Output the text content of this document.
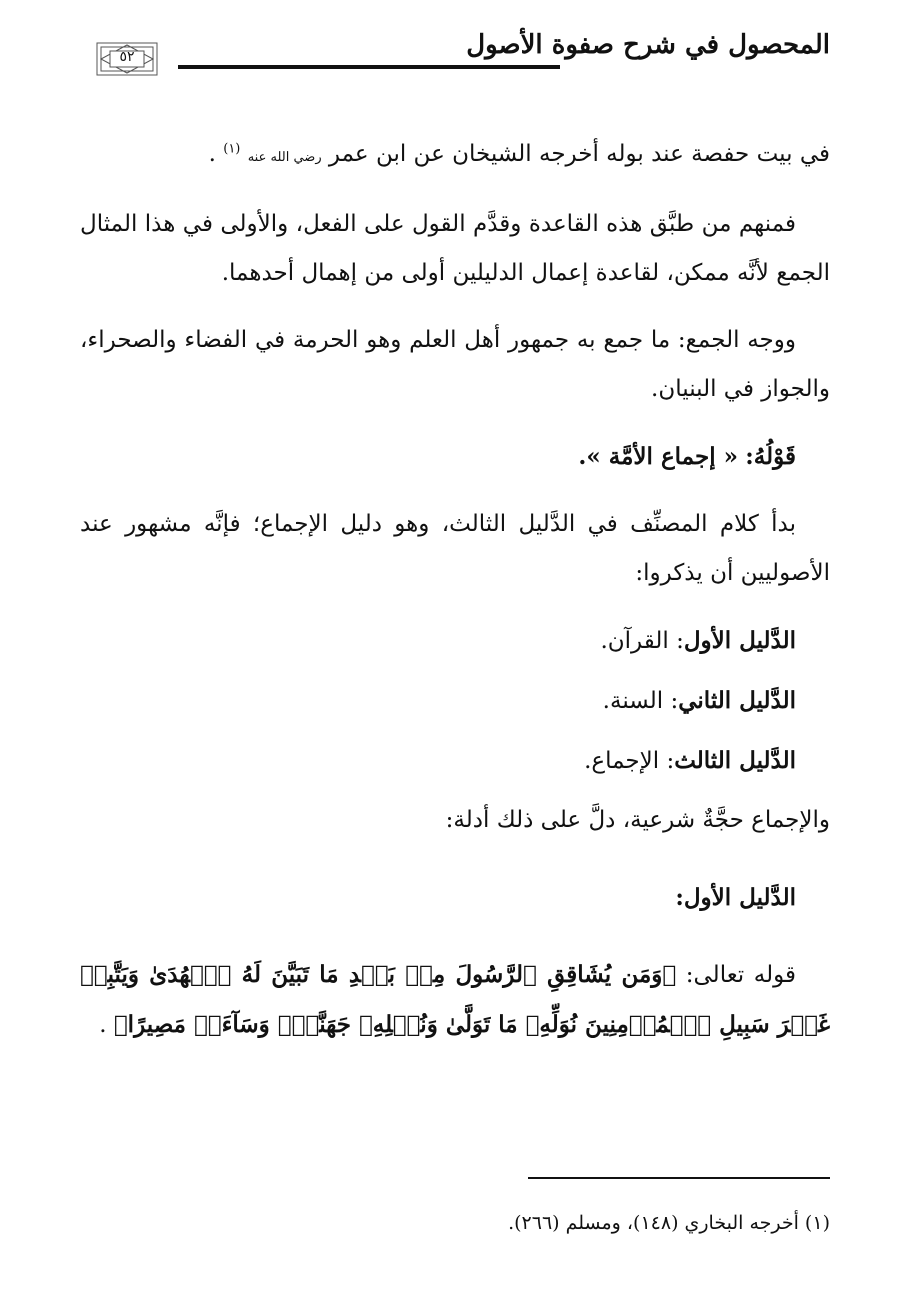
المحصول في شرح صفوة الأصول
٥٢

في بيت حفصة عند بوله أخرجه الشيخان عن ابن عمر رضي الله عنه $^{(١)}$ .

فمنهم من طبَّق هذه القاعدة وقدَّم القول على الفعل، والأولى في هذا المثال الجمع لأنَّه ممكن، لقاعدة إعمال الدليلين أولى من إهمال أحدهما.

ووجه الجمع: ما جمع به جمهور أهل العلم وهو الحرمة في الفضاء والصحراء، والجواز في البنيان.

قَوْلُهُ: « إجماع الأمَّة ».

بدأ كلام المصنِّف في الدَّليل الثالث، وهو دليل الإجماع؛ فإنَّه مشهور عند الأصوليين أن يذكروا:

الدَّليل الأول: القرآن.

الدَّليل الثاني: السنة.

الدَّليل الثالث: الإجماع.

والإجماع حجَّةٌ شرعية، دلَّ على ذلك أدلة:

الدَّليل الأول:

قوله تعالى: ﴿وَمَن يُشَاقِقِ ٱلرَّسُولَ مِنۢ بَعۡدِ مَا تَبَيَّنَ لَهُ ٱلۡهُدَىٰ وَيَتَّبِعۡ غَيۡرَ سَبِيلِ ٱلۡمُؤۡمِنِينَ نُوَلِّهِۦ مَا تَوَلَّىٰ وَنُصۡلِهِۦ جَهَنَّمَۖ وَسَآءَتۡ مَصِيرًا﴾ .

(١) أخرجه البخاري (١٤٨)، ومسلم (٢٦٦).
